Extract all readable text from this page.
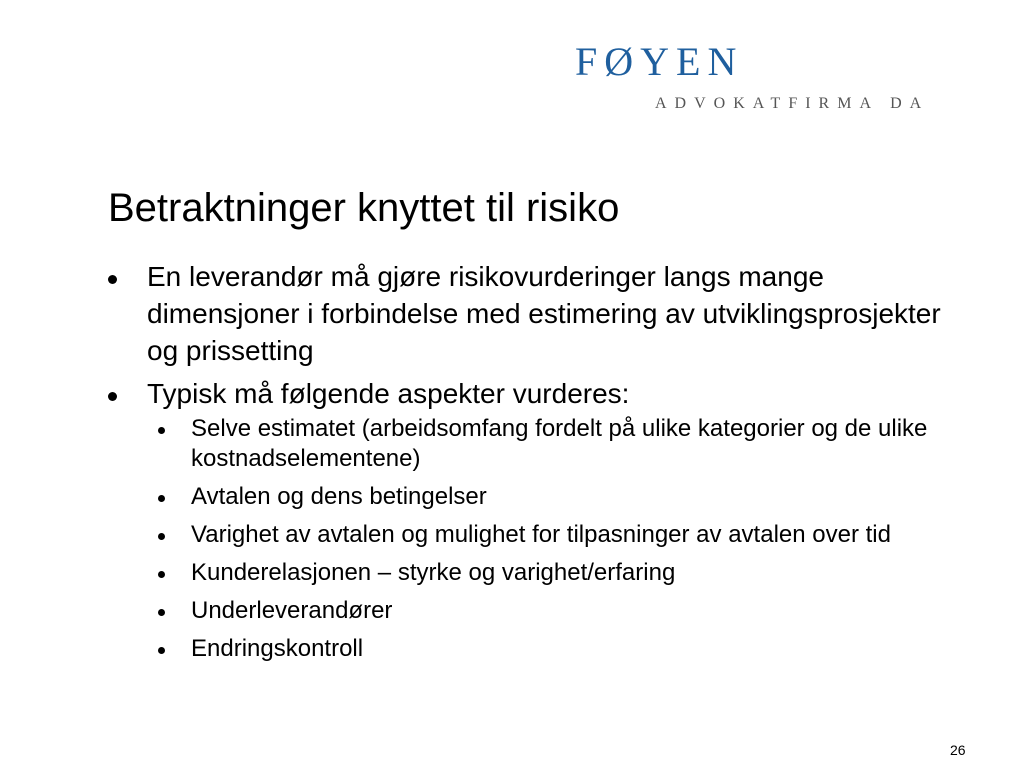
FØYEN
ADVOKATFIRMA DA
Betraktninger knyttet til risiko
En leverandør må gjøre risikovurderinger langs mange dimensjoner i forbindelse med estimering av utviklingsprosjekter og prissetting
Typisk må følgende aspekter vurderes:
Selve estimatet (arbeidsomfang fordelt på ulike kategorier og de ulike kostnadselementene)
Avtalen og dens betingelser
Varighet av avtalen og mulighet for tilpasninger av avtalen over tid
Kunderelasjonen – styrke og varighet/erfaring
Underleverandører
Endringskontroll
26
